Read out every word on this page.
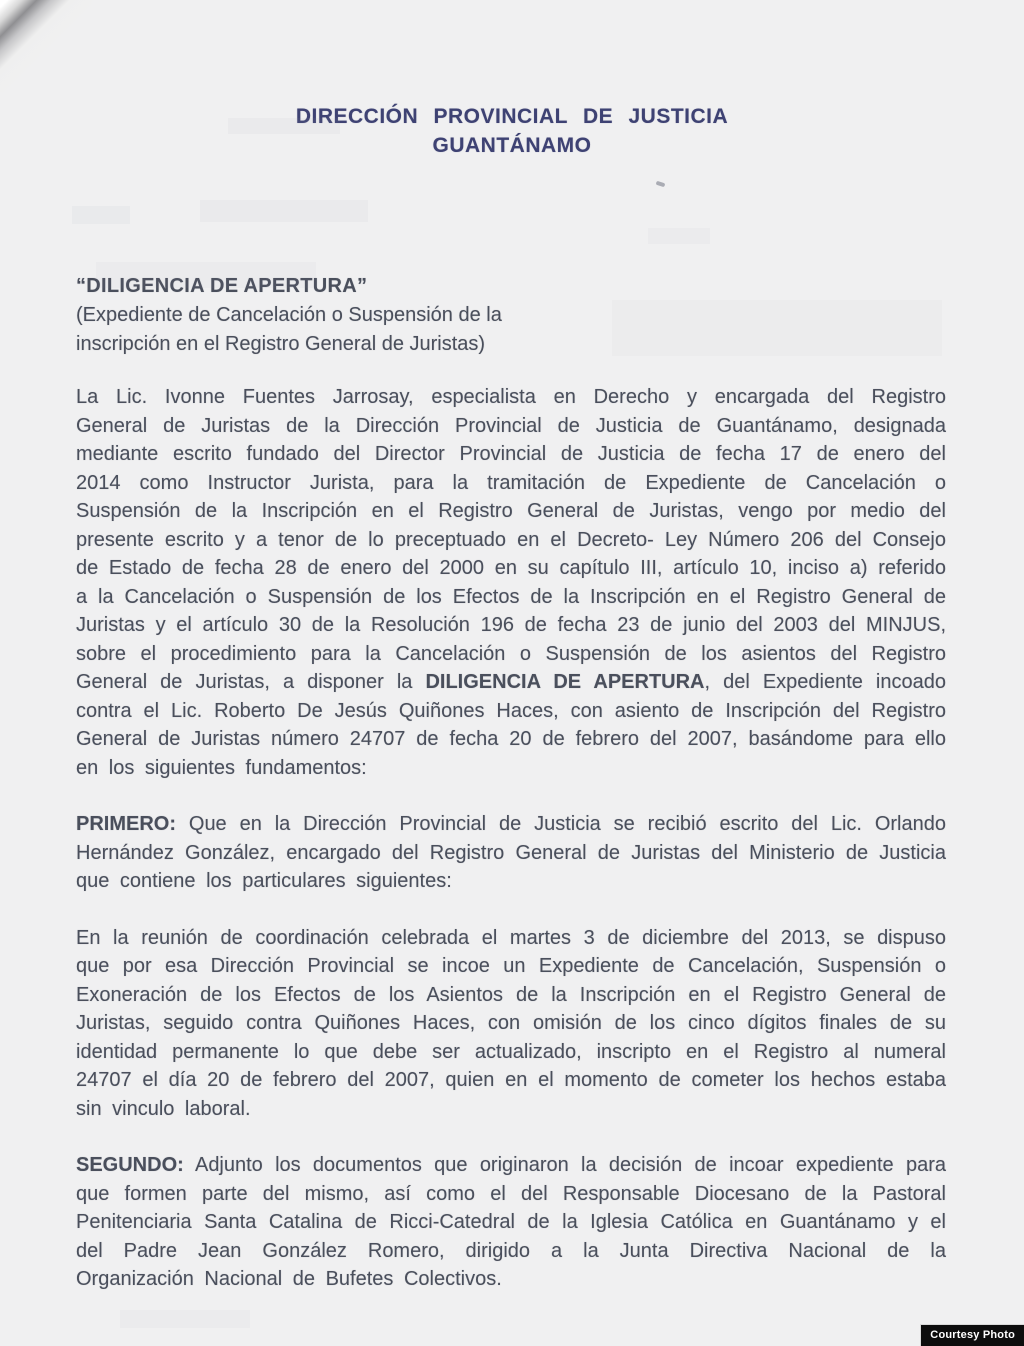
DIRECCIÓN PROVINCIAL DE JUSTICIA
GUANTÁNAMO
“DILIGENCIA DE APERTURA”
(Expediente de Cancelación o Suspensión de la
inscripción en el Registro General de Juristas)

La Lic. Ivonne Fuentes Jarrosay, especialista en Derecho y encargada del Registro General de Juristas de la Dirección Provincial de Justicia de Guantánamo, designada mediante escrito fundado del Director Provincial de Justicia de fecha 17 de enero del 2014 como Instructor Jurista, para la tramitación de Expediente de Cancelación o Suspensión de la Inscripción en el Registro General de Juristas, vengo por medio del presente escrito y a tenor de lo preceptuado en el Decreto- Ley Número 206 del Consejo de Estado de fecha 28 de enero del 2000 en su capítulo III, artículo 10, inciso a) referido a la Cancelación o Suspensión de los Efectos de la Inscripción en el Registro General de Juristas y el artículo 30 de la Resolución 196 de fecha 23 de junio del 2003 del MINJUS, sobre el procedimiento para la Cancelación o Suspensión de los asientos del Registro General de Juristas, a disponer la DILIGENCIA DE APERTURA, del Expediente incoado contra el Lic. Roberto De Jesús Quiñones Haces, con asiento de Inscripción del Registro General de Juristas número 24707 de fecha 20 de febrero del 2007, basándome para ello en los siguientes fundamentos:

PRIMERO: Que en la Dirección Provincial de Justicia se recibió escrito del Lic. Orlando Hernández González, encargado del Registro General de Juristas del Ministerio de Justicia que contiene los particulares siguientes:

En la reunión de coordinación celebrada el martes 3 de diciembre del 2013, se dispuso que por esa Dirección Provincial se incoe un Expediente de Cancelación, Suspensión o Exoneración de los Efectos de los Asientos de la Inscripción en el Registro General de Juristas, seguido contra Quiñones Haces, con omisión de los cinco dígitos finales de su identidad permanente lo que debe ser actualizado, inscripto en el Registro al numeral 24707 el día 20 de febrero del 2007, quien en el momento de cometer los hechos estaba sin vinculo laboral.

SEGUNDO: Adjunto los documentos que originaron la decisión de incoar expediente para que formen parte del mismo, así como el del Responsable Diocesano de la Pastoral Penitenciaria Santa Catalina de Ricci-Catedral de la Iglesia Católica en Guantánamo y el del Padre Jean González Romero, dirigido a la Junta Directiva Nacional de la Organización Nacional de Bufetes Colectivos.

Courtesy Photo
